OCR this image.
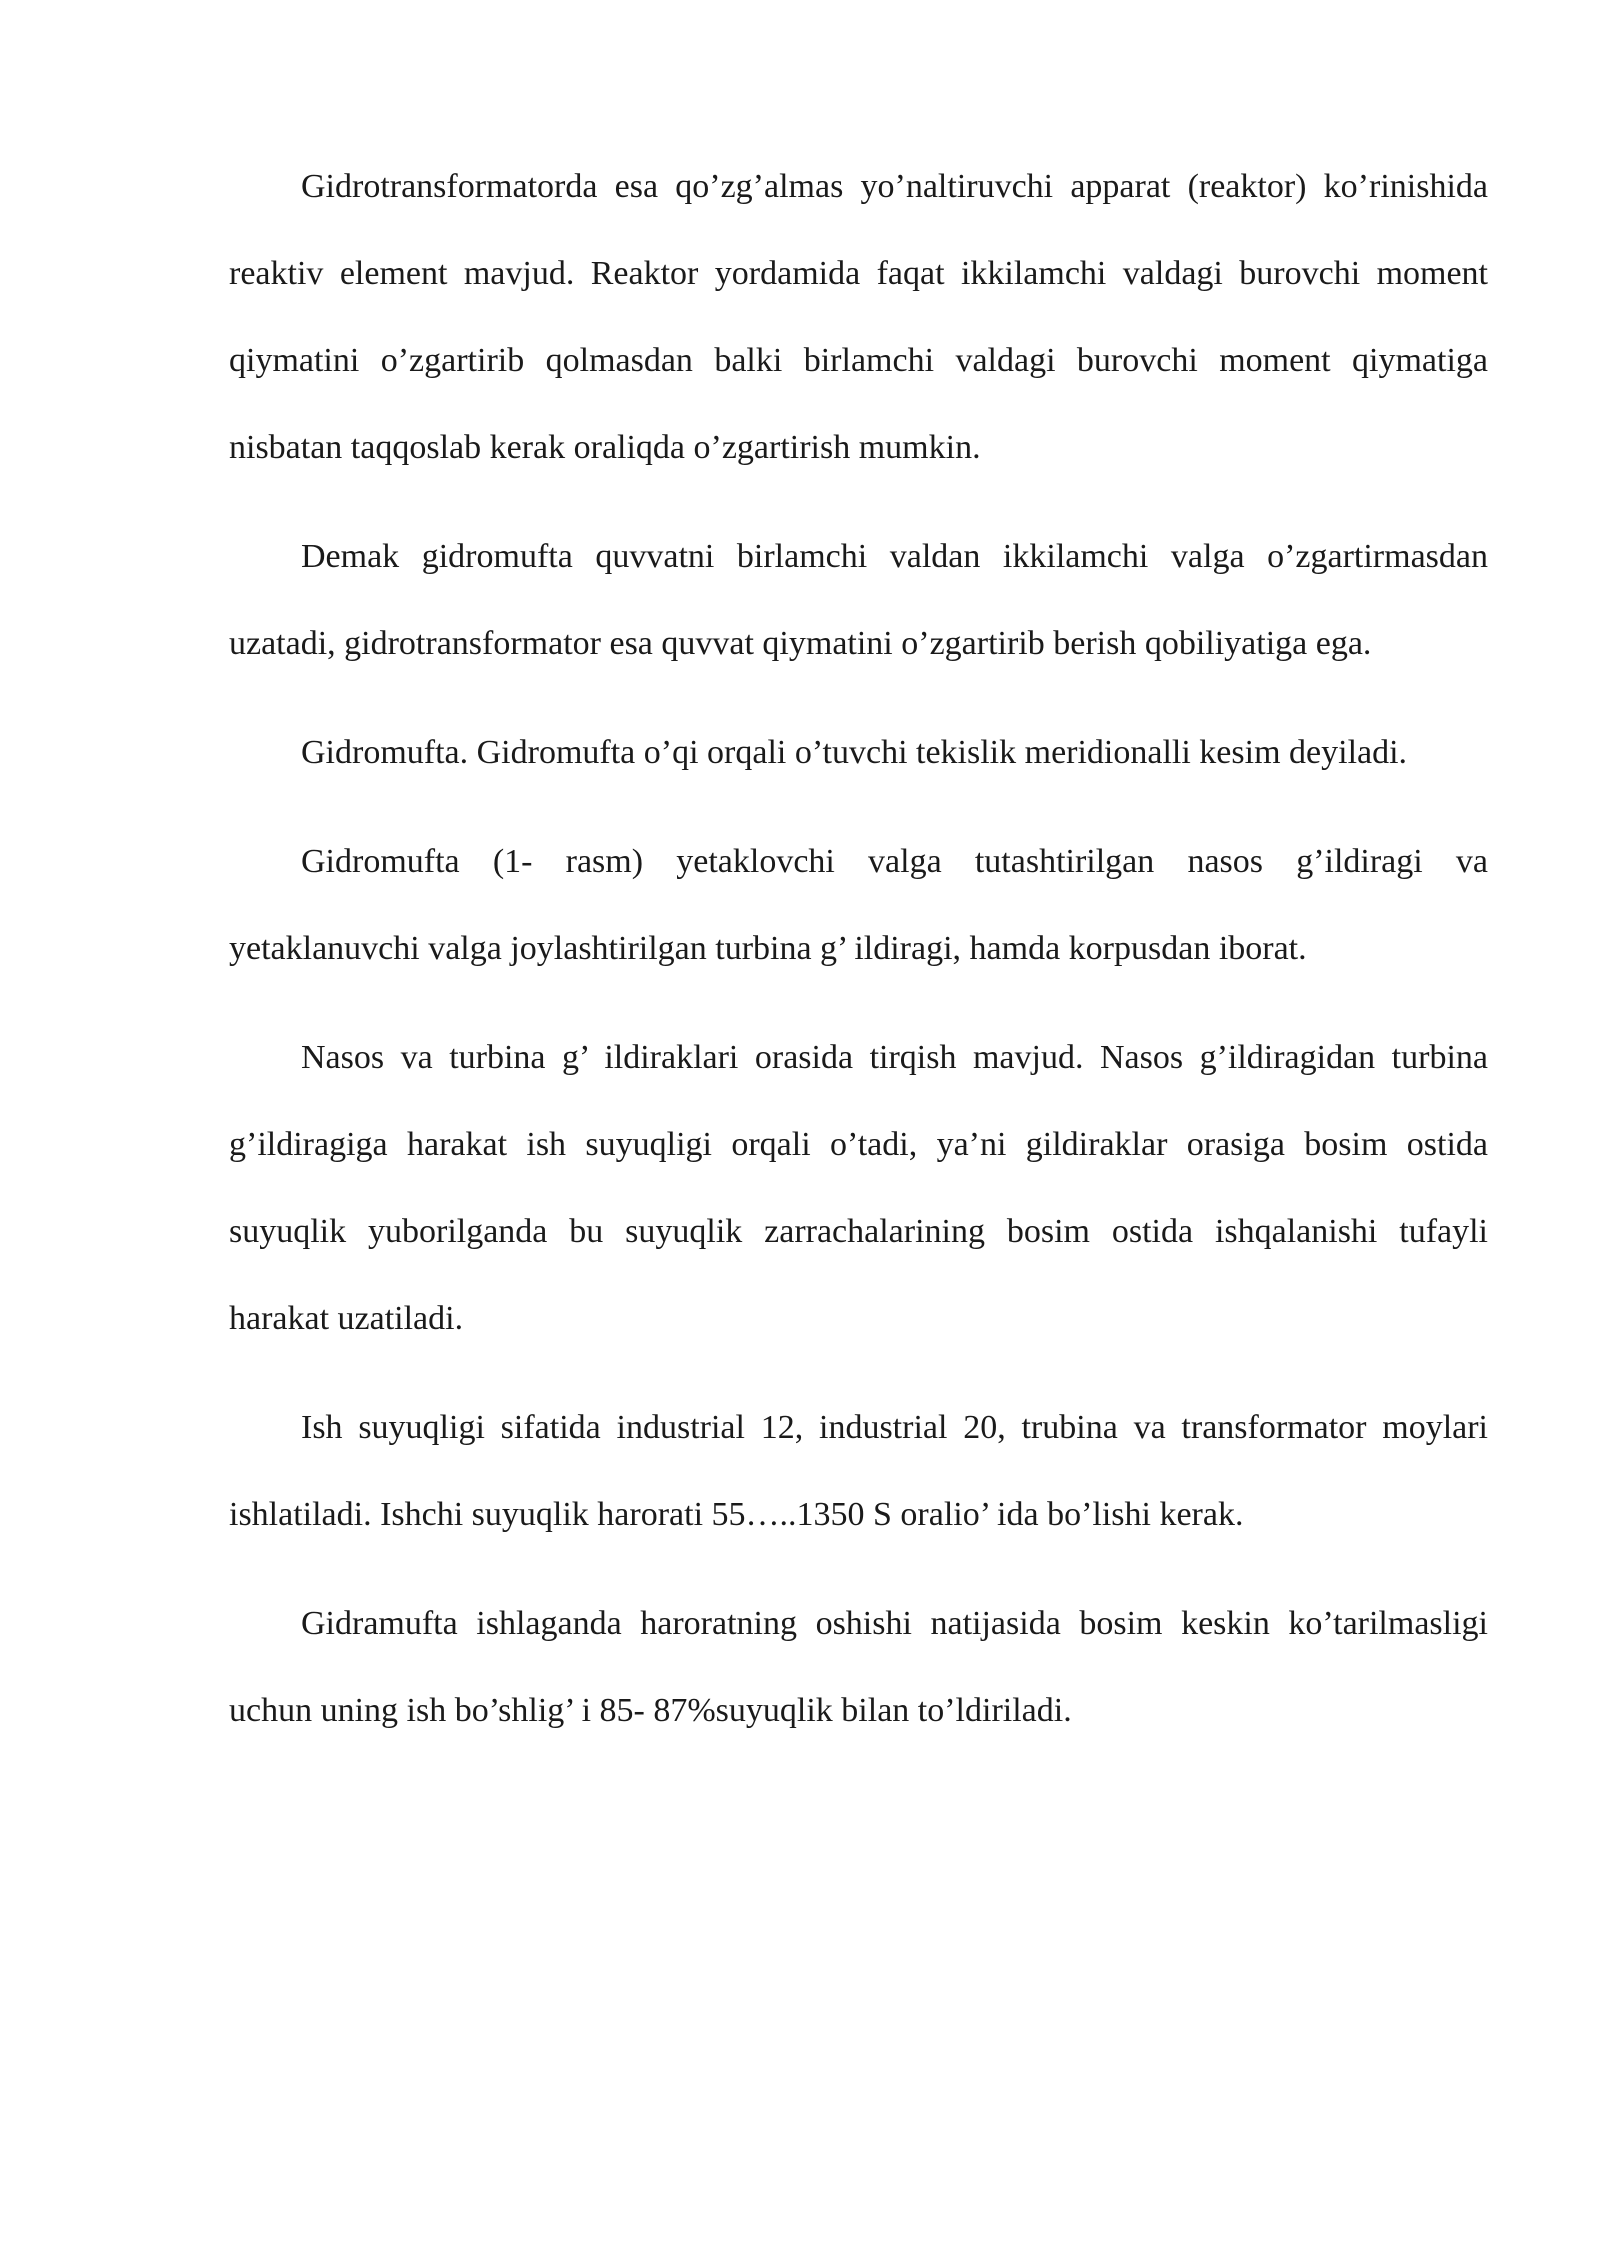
Gidrotransformatorda esa qo’zg’almas yo’naltiruvchi apparat (reaktor) ko’rinishida reaktiv element mavjud. Reaktor yordamida faqat ikkilamchi valdagi burovchi moment qiymatini o’zgartirib qolmasdan balki birlamchi valdagi burovchi moment qiymatiga nisbatan taqqoslab kerak oraliqda o’zgartirish mumkin.

Demak gidromufta quvvatni birlamchi valdan ikkilamchi valga o’zgartirmasdan uzatadi, gidrotransformator esa quvvat qiymatini o’zgartirib berish qobiliyatiga ega.

Gidromufta. Gidromufta o’qi orqali o’tuvchi tekislik meridionalli kesim deyiladi.

Gidromufta (1- rasm) yetaklovchi valga tutashtirilgan nasos g’ildiragi va yetaklanuvchi valga joylashtirilgan turbina g’ ildiragi, hamda korpusdan iborat.

Nasos va turbina g’ ildiraklari orasida tirqish mavjud. Nasos g’ildiragidan turbina g’ildiragiga harakat ish suyuqligi orqali o’tadi, ya’ni gildiraklar orasiga bosim ostida suyuqlik yuborilganda bu suyuqlik zarrachalarining bosim ostida ishqalanishi tufayli harakat uzatiladi.

Ish suyuqligi sifatida industrial 12, industrial 20, trubina va transformator moylari ishlatiladi. Ishchi suyuqlik harorati 55…..1350 S oralio’ ida bo’lishi kerak.

Gidramufta ishlaganda haroratning oshishi natijasida bosim keskin ko’tarilmasligi uchun uning ish bo’shlig’ i 85- 87%suyuqlik bilan to’ldiriladi.
